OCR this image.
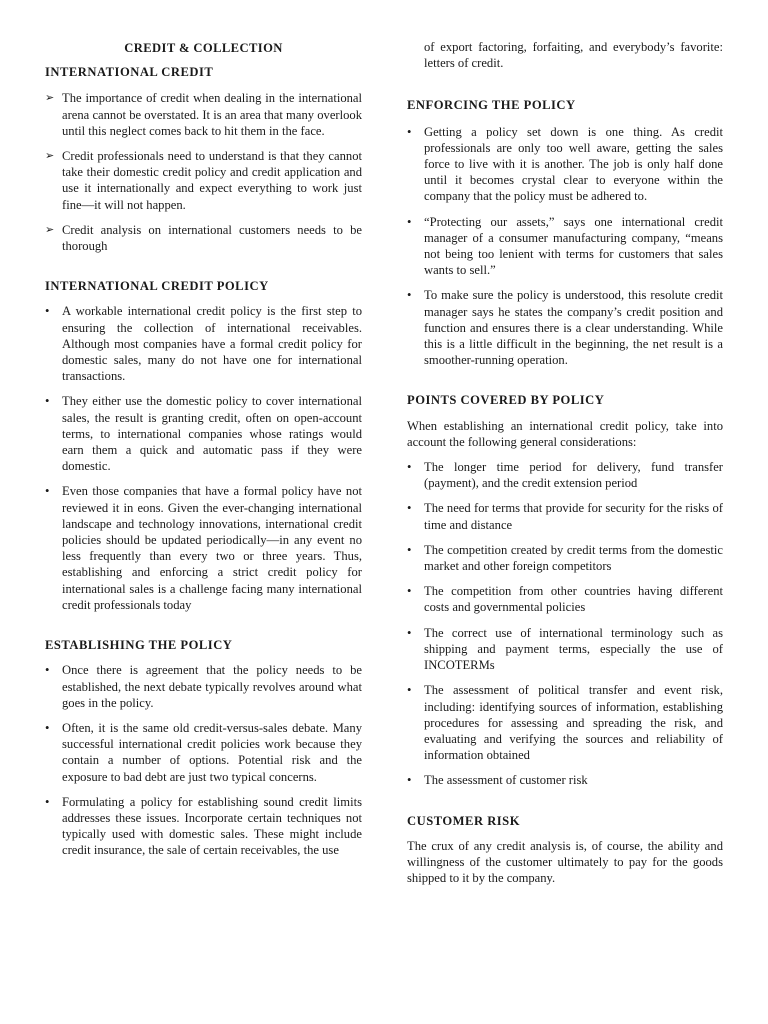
CREDIT & COLLECTION
INTERNATIONAL CREDIT
➢ The importance of credit when dealing in the international arena cannot be overstated. It is an area that many overlook until this neglect comes back to hit them in the face.
➢ Credit professionals need to understand is that they cannot take their domestic credit policy and credit application and use it internationally and expect everything to work just fine—it will not happen.
➢ Credit analysis on international customers needs to be thorough
INTERNATIONAL CREDIT POLICY
• A workable international credit policy is the first step to ensuring the collection of international receivables. Although most companies have a formal credit policy for domestic sales, many do not have one for international transactions.
• They either use the domestic policy to cover international sales, the result is granting credit, often on open-account terms, to international companies whose ratings would earn them a quick and automatic pass if they were domestic.
• Even those companies that have a formal policy have not reviewed it in eons. Given the ever-changing international landscape and technology innovations, international credit policies should be updated periodically—in any event no less frequently than every two or three years. Thus, establishing and enforcing a strict credit policy for international sales is a challenge facing many international credit professionals today
ESTABLISHING THE POLICY
• Once there is agreement that the policy needs to be established, the next debate typically revolves around what goes in the policy.
• Often, it is the same old credit-versus-sales debate. Many successful international credit policies work because they contain a number of options. Potential risk and the exposure to bad debt are just two typical concerns.
• Formulating a policy for establishing sound credit limits addresses these issues. Incorporate certain techniques not typically used with domestic sales. These might include credit insurance, the sale of certain receivables, the use
of export factoring, forfaiting, and everybody’s favorite: letters of credit.
ENFORCING THE POLICY
• Getting a policy set down is one thing. As credit professionals are only too well aware, getting the sales force to live with it is another. The job is only half done until it becomes crystal clear to everyone within the company that the policy must be adhered to.
• “Protecting our assets,” says one international credit manager of a consumer manufacturing company, “means not being too lenient with terms for customers that sales wants to sell.”
• To make sure the policy is understood, this resolute credit manager says he states the company’s credit position and function and ensures there is a clear understanding. While this is a little difficult in the beginning, the net result is a smoother-running operation.
POINTS COVERED BY POLICY

When establishing an international credit policy, take into account the following general considerations:

• The longer time period for delivery, fund transfer (payment), and the credit extension period
• The need for terms that provide for security for the risks of time and distance
• The competition created by credit terms from the domestic market and other foreign competitors
• The competition from other countries having different costs and governmental policies
• The correct use of international terminology such as shipping and payment terms, especially the use of INCOTERMs
• The assessment of political transfer and event risk, including: identifying sources of information, establishing procedures for assessing and spreading the risk, and evaluating and verifying the sources and reliability of information obtained
• The assessment of customer risk
CUSTOMER RISK

The crux of any credit analysis is, of course, the ability and willingness of the customer ultimately to pay for the goods shipped to it by the company.
